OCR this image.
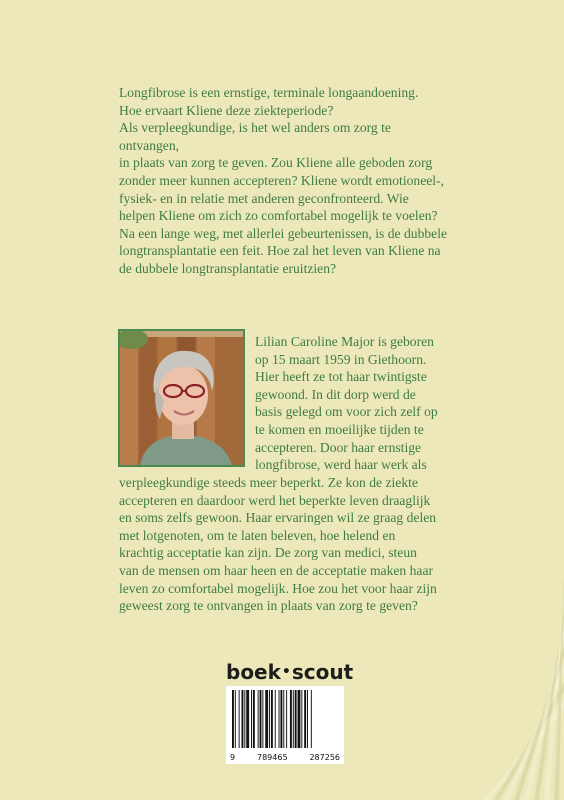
Longfibrose is een ernstige, terminale longaandoening.

Hoe ervaart Kliene deze ziekteperiode?

Als verpleegkundige, is het wel anders om zorg te ontvangen,

in plaats van zorg te geven. Zou Kliene alle geboden zorg

zonder meer kunnen accepteren? Kliene wordt emotioneel-,

fysiek- en in relatie met anderen geconfronteerd. Wie

helpen Kliene om zich zo comfortabel mogelijk te voelen?

Na een lange weg, met allerlei gebeurtenissen, is de dubbele

longtransplantatie een feit. Hoe zal het leven van Kliene na

de dubbele longtransplantatie eruitzien?

Lilian Caroline Major is geboren

op 15 maart 1959 in Giethoorn.

Hier heeft ze tot haar twintigste

gewoond. In dit dorp werd de

basis gelegd om voor zich zelf op

te komen en moeilijke tijden te

accepteren. Door haar ernstige

longfibrose, werd haar werk als

verpleegkundige steeds meer beperkt. Ze kon de ziekte

accepteren en daardoor werd het beperkte leven draaglijk

en soms zelfs gewoon. Haar ervaringen wil ze graag delen

met lotgenoten, om te laten beleven, hoe helend en

krachtig acceptatie kan zijn. De zorg van medici, steun

van de mensen om haar heen en de acceptatie maken haar

leven zo comfortabel mogelijk. Hoe zou het voor haar zijn

geweest zorg te ontvangen in plaats van zorg te geven?

boek•scout
9	789465	287256
